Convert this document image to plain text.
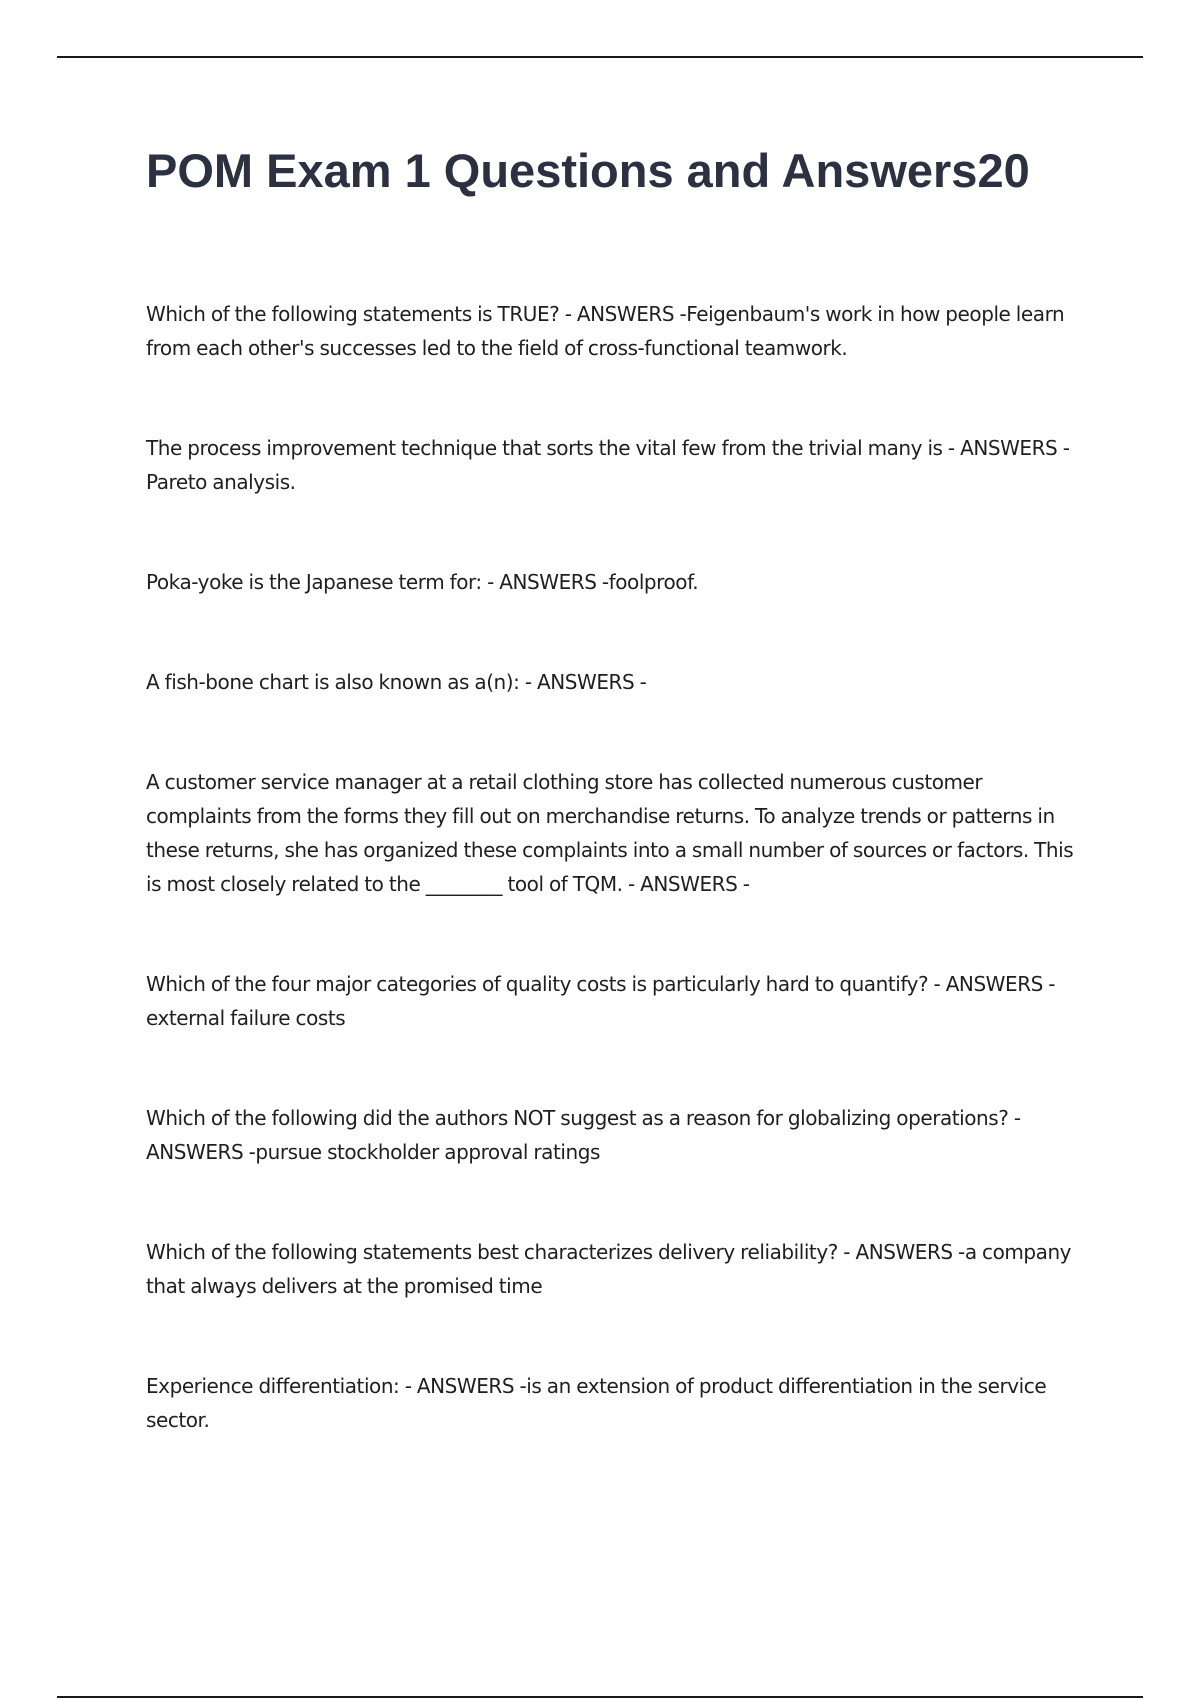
POM Exam 1 Questions and Answers20

Which of the following statements is TRUE? - ANSWERS -Feigenbaum's work in how people learn from each other's successes led to the field of cross-functional teamwork.

The process improvement technique that sorts the vital few from the trivial many is - ANSWERS -Pareto analysis.

Poka-yoke is the Japanese term for: - ANSWERS -foolproof.

A fish-bone chart is also known as a(n): - ANSWERS -

A customer service manager at a retail clothing store has collected numerous customer complaints from the forms they fill out on merchandise returns. To analyze trends or patterns in these returns, she has organized these complaints into a small number of sources or factors. This is most closely related to the ________ tool of TQM. - ANSWERS -

Which of the four major categories of quality costs is particularly hard to quantify? - ANSWERS -external failure costs

Which of the following did the authors NOT suggest as a reason for globalizing operations? - ANSWERS -pursue stockholder approval ratings

Which of the following statements best characterizes delivery reliability? - ANSWERS -a company that always delivers at the promised time

Experience differentiation: - ANSWERS -is an extension of product differentiation in the service sector.
